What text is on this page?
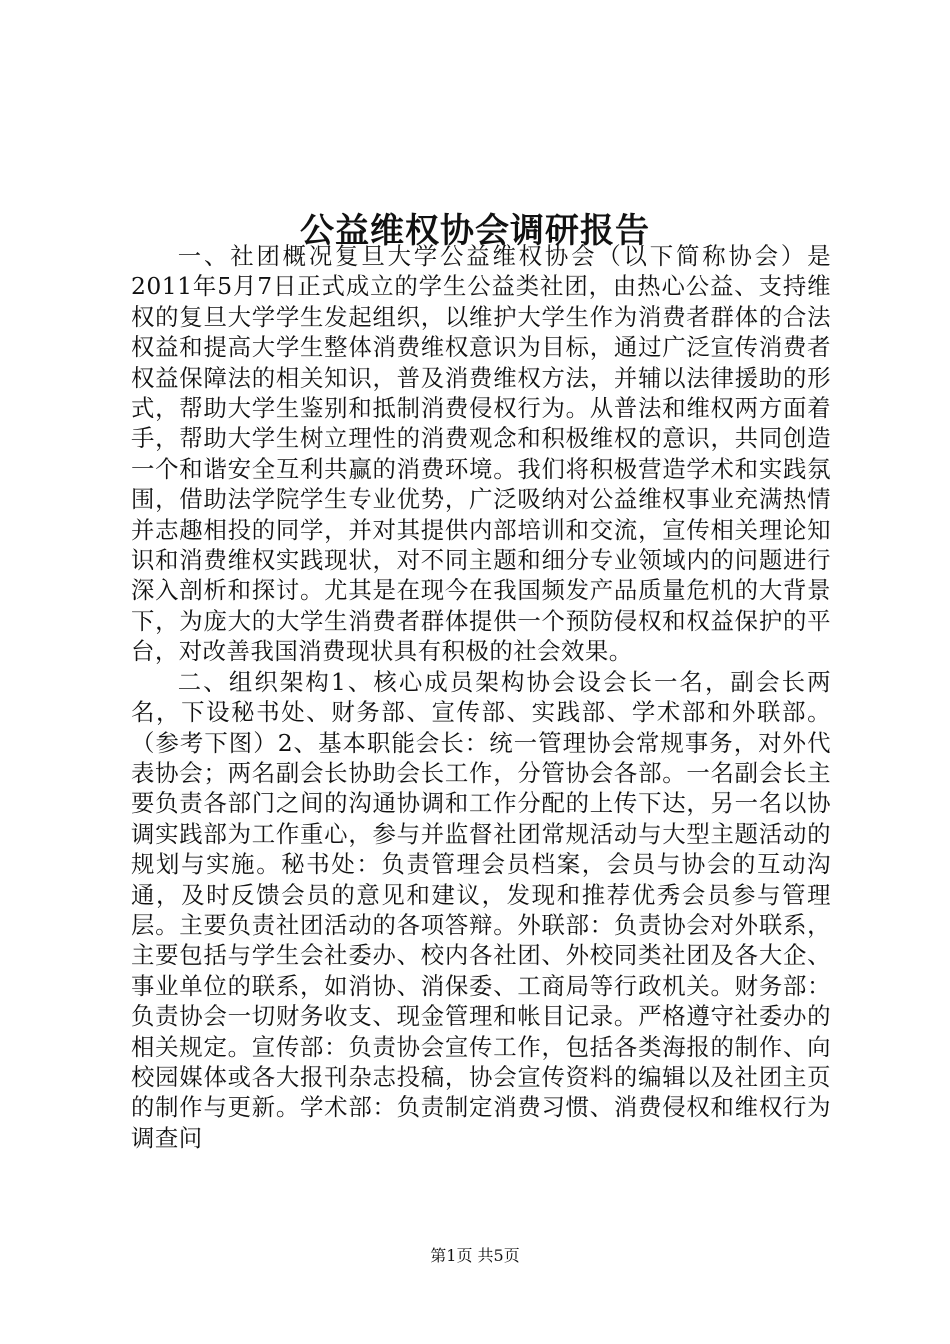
公益维权协会调研报告

一、社团概况复旦大学公益维权协会（以下简称协会）是2011年5月7日正式成立的学生公益类社团，由热心公益、支持维权的复旦大学学生发起组织，以维护大学生作为消费者群体的合法权益和提高大学生整体消费维权意识为目标，通过广泛宣传消费者权益保障法的相关知识，普及消费维权方法，并辅以法律援助的形式，帮助大学生鉴别和抵制消费侵权行为。从普法和维权两方面着手，帮助大学生树立理性的消费观念和积极维权的意识，共同创造一个和谐安全互利共赢的消费环境。我们将积极营造学术和实践氛围，借助法学院学生专业优势，广泛吸纳对公益维权事业充满热情并志趣相投的同学，并对其提供内部培训和交流，宣传相关理论知识和消费维权实践现状，对不同主题和细分专业领域内的问题进行深入剖析和探讨。尤其是在现今在我国频发产品质量危机的大背景下，为庞大的大学生消费者群体提供一个预防侵权和权益保护的平台，对改善我国消费现状具有积极的社会效果。

二、组织架构1、核心成员架构协会设会长一名，副会长两名，下设秘书处、财务部、宣传部、实践部、学术部和外联部。（参考下图）2、基本职能会长：统一管理协会常规事务，对外代表协会；两名副会长协助会长工作，分管协会各部。一名副会长主要负责各部门之间的沟通协调和工作分配的上传下达，另一名以协调实践部为工作重心，参与并监督社团常规活动与大型主题活动的规划与实施。秘书处：负责管理会员档案，会员与协会的互动沟通，及时反馈会员的意见和建议，发现和推荐优秀会员参与管理层。主要负责社团活动的各项答辩。外联部：负责协会对外联系，主要包括与学生会社委办、校内各社团、外校同类社团及各大企、事业单位的联系，如消协、消保委、工商局等行政机关。财务部：负责协会一切财务收支、现金管理和帐目记录。严格遵守社委办的相关规定。宣传部：负责协会宣传工作，包括各类海报的制作、向校园媒体或各大报刊杂志投稿，协会宣传资料的编辑以及社团主页的制作与更新。学术部：负责制定消费习惯、消费侵权和维权行为调查问

第1页 共5页
